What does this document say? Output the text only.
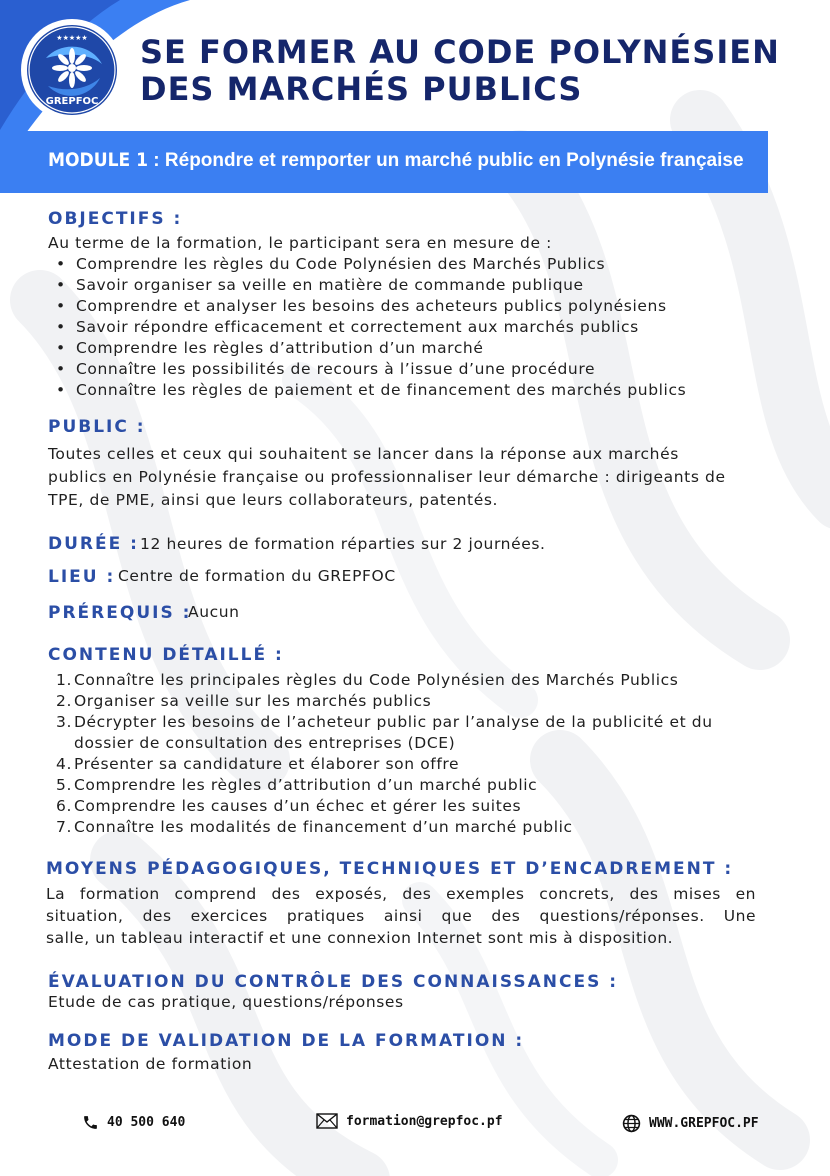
★★★★★
GREPFOC
SE FORMER AU CODE POLYNÉSIEN
DES MARCHÉS PUBLICS
MODULE 1 : Répondre et remporter un marché public en Polynésie française
OBJECTIFS :

Au terme de la formation, le participant sera en mesure de :

• Comprendre les règles du Code Polynésien des Marchés Publics
• Savoir organiser sa veille en matière de commande publique
• Comprendre et analyser les besoins des acheteurs publics polynésiens
• Savoir répondre efficacement et correctement aux marchés publics
• Comprendre les règles d’attribution d’un marché
• Connaître les possibilités de recours à l’issue d’une procédure
• Connaître les règles de paiement et de financement des marchés publics
PUBLIC :

Toutes celles et ceux qui souhaitent se lancer dans la réponse aux marchés
publics en Polynésie française ou professionnaliser leur démarche : dirigeants de
TPE, de PME, ainsi que leurs collaborateurs, patentés.

DURÉE : 12 heures de formation réparties sur 2 journées.

LIEU : Centre de formation du GREPFOC

PRÉREQUIS :

Aucun

CONTENU DÉTAILLÉ :
1. Connaître les principales règles du Code Polynésien des Marchés Publics
2. Organiser sa veille sur les marchés publics
3. Décrypter les besoins de l’acheteur public par l’analyse de la publicité et du
dossier de consultation des entreprises (DCE)
4. Présenter sa candidature et élaborer son offre
5. Comprendre les règles d’attribution d’un marché public
6. Comprendre les causes d’un échec et gérer les suites
7. Connaître les modalités de financement d’un marché public
MOYENS PÉDAGOGIQUES, TECHNIQUES ET D’ENCADREMENT :

La formation comprend des exposés, des exemples concrets, des mises en
situation, des exercices pratiques ainsi que des questions/réponses. Une
salle, un tableau interactif et une connexion Internet sont mis à disposition.

ÉVALUATION DU CONTRÔLE DES CONNAISSANCES :

Etude de cas pratique, questions/réponses

MODE DE VALIDATION DE LA FORMATION :

Attestation de formation

40 500 640	formation@grepfoc.pf	WWW.GREPFOC.PF
